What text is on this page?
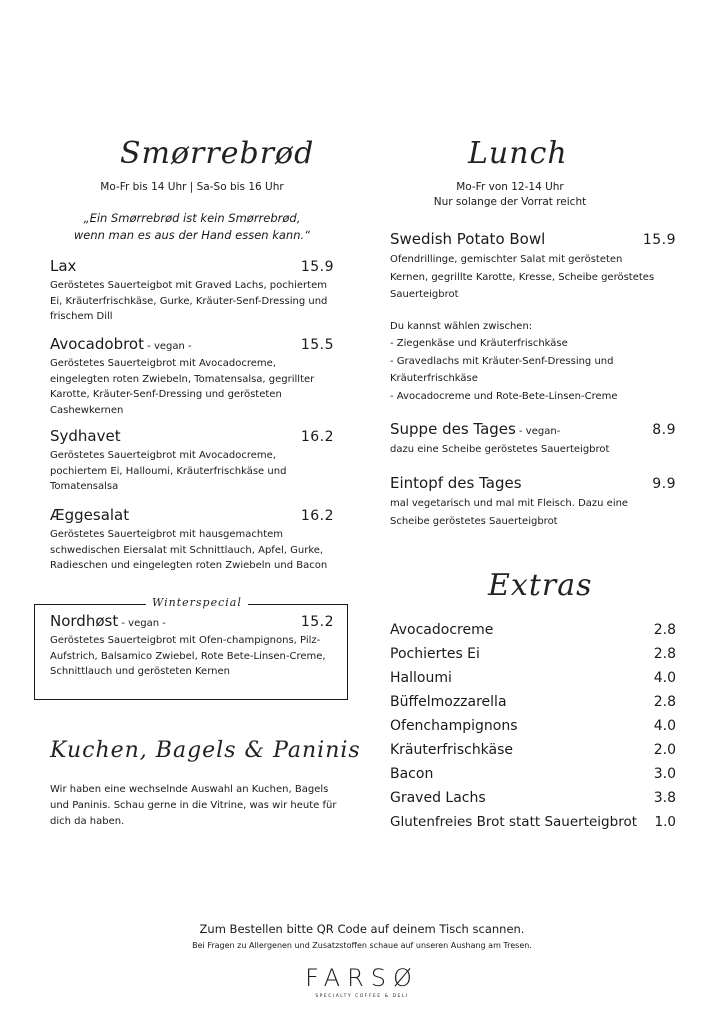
Smørrebrød
Mo-Fr bis 14 Uhr | Sa-So bis 16 Uhr
„Ein Smørrebrød ist kein Smørrebrød,
wenn man es aus der Hand essen kann.“
Lax	15.9
Geröstetes Sauerteigbot mit Graved Lachs, pochiertem Ei, Kräuterfrischkäse, Gurke, Kräuter-Senf-Dressing und frischem Dill
Avocadobrot - vegan -	15.5
Geröstetes Sauerteigbrot mit Avocadocreme, eingelegten roten Zwiebeln, Tomatensalsa, gegrillter Karotte, Kräuter-Senf-Dressing und gerösteten Cashewkernen
Sydhavet	16.2
Geröstetes Sauerteigbrot mit Avocadocreme, pochiertem Ei, Halloumi, Kräuterfrischkäse und Tomatensalsa
Æggesalat	16.2
Geröstetes Sauerteigbrot mit hausgemachtem schwedischen Eiersalat mit Schnittlauch, Apfel, Gurke, Radieschen und eingelegten roten Zwiebeln und Bacon
Winterspecial
Nordhøst - vegan -	15.2
Geröstetes Sauerteigbrot mit Ofen-champignons, Pilz-Aufstrich, Balsamico Zwiebel, Rote Bete-Linsen-Creme, Schnittlauch und gerösteten Kernen
Kuchen, Bagels & Paninis
Wir haben eine wechselnde Auswahl an Kuchen, Bagels und Paninis. Schau gerne in die Vitrine, was wir heute für dich da haben.
Lunch
Mo-Fr von 12-14 Uhr
Nur solange der Vorrat reicht
Swedish Potato Bowl	15.9
Ofendrillinge, gemischter Salat mit gerösteten Kernen, gegrillte Karotte, Kresse, Scheibe geröstetes Sauerteigbrot
Du kannst wählen zwischen:
- Ziegenkäse und Kräuterfrischkäse
- Gravedlachs mit Kräuter-Senf-Dressing und Kräuterfrischkäse
- Avocadocreme und Rote-Bete-Linsen-Creme
Suppe des Tages - vegan-	8.9
dazu eine Scheibe geröstetes Sauerteigbrot
Eintopf des Tages	9.9
mal vegetarisch und mal mit Fleisch. Dazu eine Scheibe geröstetes Sauerteigbrot
Extras
Avocadocreme	2.8
Pochiertes Ei	2.8
Halloumi	4.0
Büffelmozzarella	2.8
Ofenchampignons	4.0
Kräuterfrischkäse	2.0
Bacon	3.0
Graved Lachs	3.8
Glutenfreies Brot statt Sauerteigbrot 1.0
Zum Bestellen bitte QR Code auf deinem Tisch scannen.
Bei Fragen zu Allergenen und Zusatzstoffen schaue auf unseren Aushang am Tresen.
FARSØ
SPECIALTY COFFEE & DELI
